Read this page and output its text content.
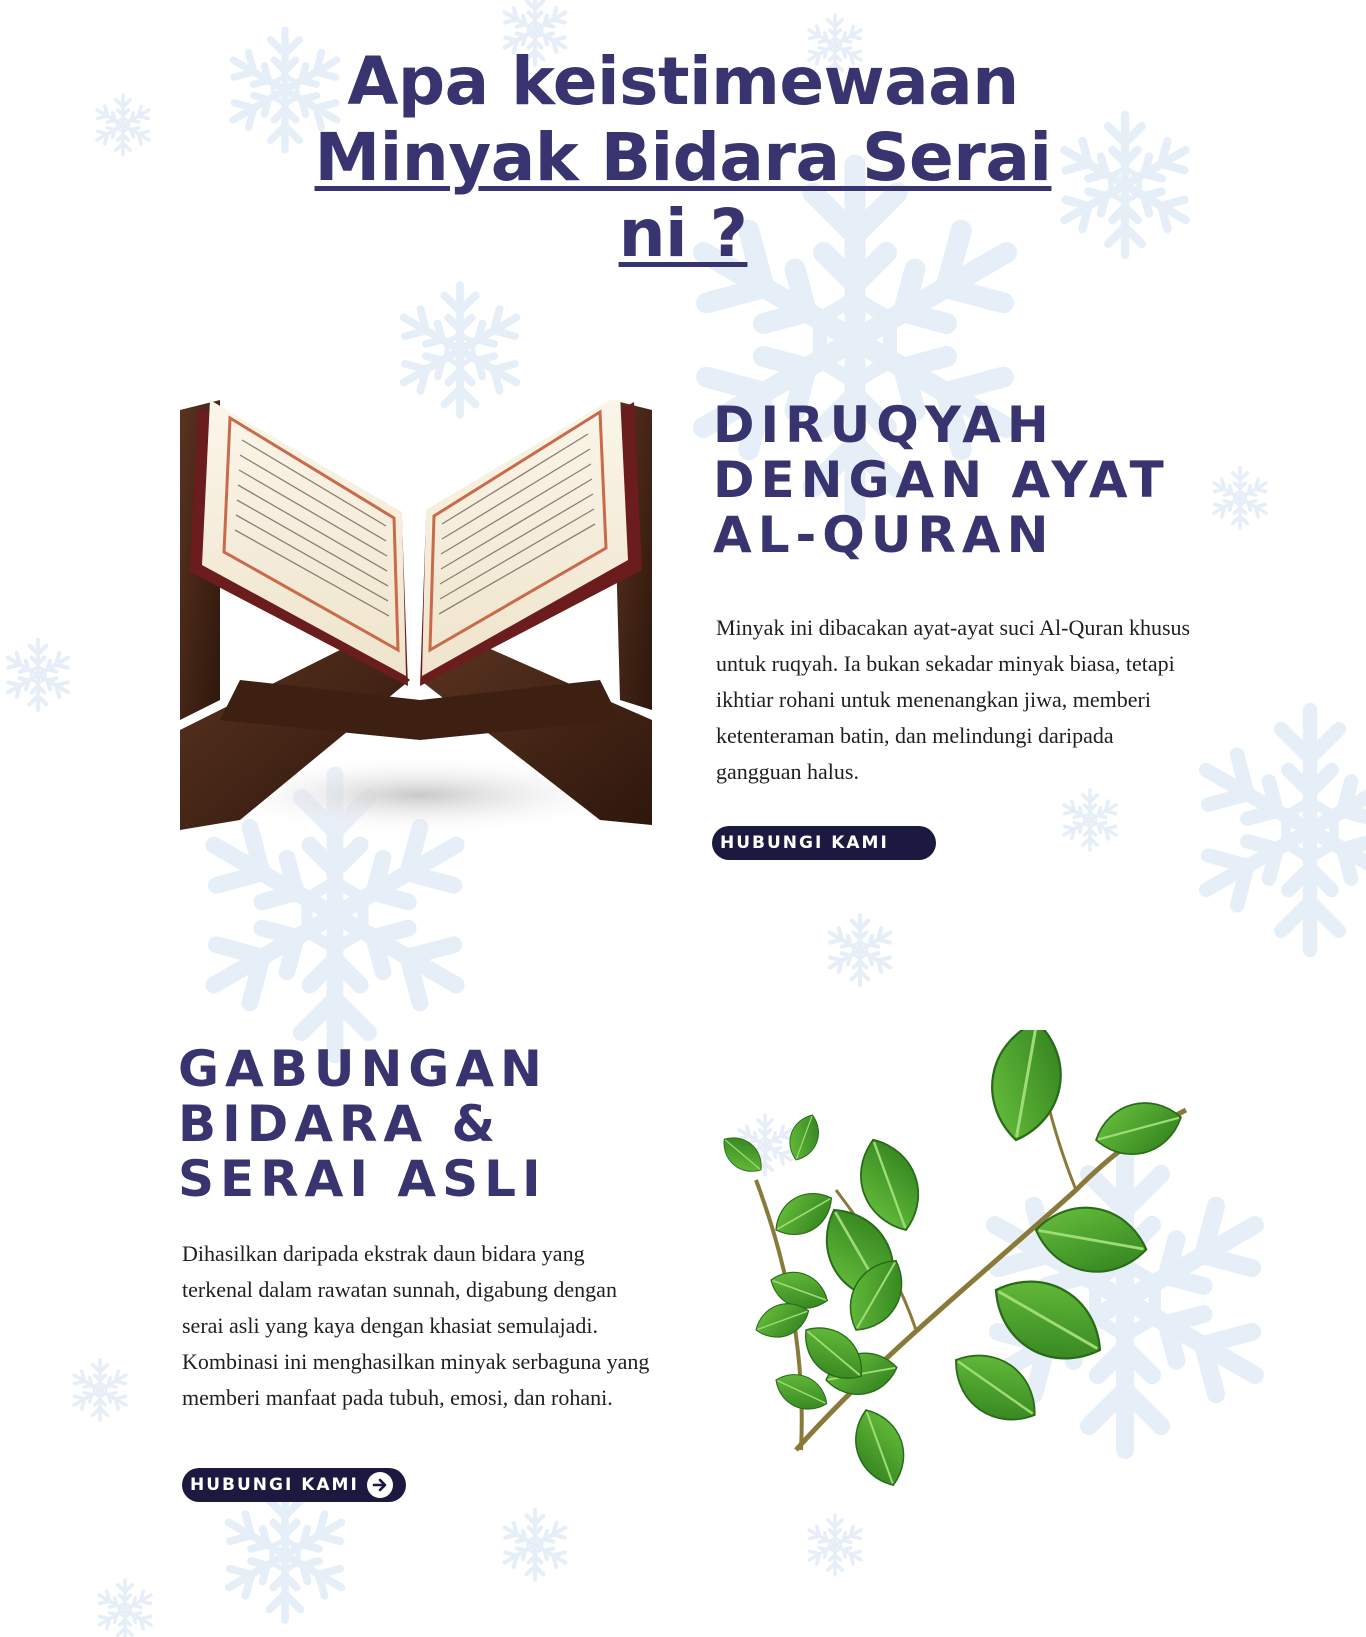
Apa keistimewaan
Minyak Bidara Serai
ni ?
DIRUQYAH DENGAN AYAT AL-QURAN

Minyak ini dibacakan ayat-ayat suci Al-Quran khusus untuk ruqyah. Ia bukan sekadar minyak biasa, tetapi ikhtiar rohani untuk menenangkan jiwa, memberi ketenteraman batin, dan melindungi daripada gangguan halus.

HUBUNGI KAMI
GABUNGAN BIDARA & SERAI ASLI

Dihasilkan daripada ekstrak daun bidara yang terkenal dalam rawatan sunnah, digabung dengan serai asli yang kaya dengan khasiat semulajadi. Kombinasi ini menghasilkan minyak serbaguna yang memberi manfaat pada tubuh, emosi, dan rohani.

HUBUNGI KAMI
